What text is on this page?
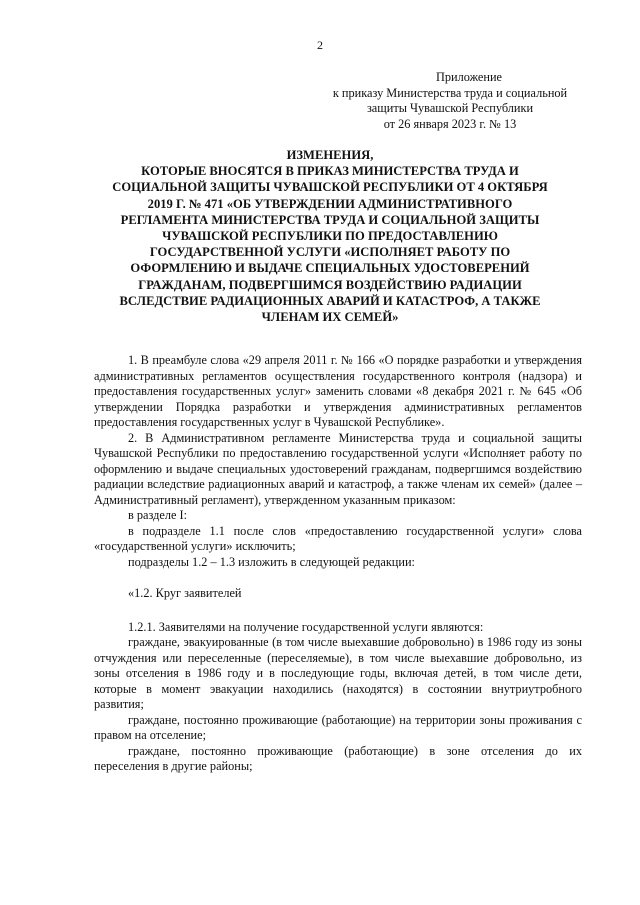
2
Приложение
к приказу Министерства труда и социальной
защиты Чувашской Республики
от 26 января 2023 г. № 13
ИЗМЕНЕНИЯ,
КОТОРЫЕ ВНОСЯТСЯ В ПРИКАЗ МИНИСТЕРСТВА ТРУДА И
СОЦИАЛЬНОЙ ЗАЩИТЫ ЧУВАШСКОЙ РЕСПУБЛИКИ ОТ 4 ОКТЯБРЯ
2019 Г. № 471 «ОБ УТВЕРЖДЕНИИ АДМИНИСТРАТИВНОГО
РЕГЛАМЕНТА МИНИСТЕРСТВА ТРУДА И СОЦИАЛЬНОЙ ЗАЩИТЫ
ЧУВАШСКОЙ РЕСПУБЛИКИ ПО ПРЕДОСТАВЛЕНИЮ
ГОСУДАРСТВЕННОЙ УСЛУГИ «ИСПОЛНЯЕТ РАБОТУ ПО
ОФОРМЛЕНИЮ И ВЫДАЧЕ СПЕЦИАЛЬНЫХ УДОСТОВЕРЕНИЙ
ГРАЖДАНАМ, ПОДВЕРГШИМСЯ ВОЗДЕЙСТВИЮ РАДИАЦИИ
ВСЛЕДСТВИЕ РАДИАЦИОННЫХ АВАРИЙ И КАТАСТРОФ, А ТАКЖЕ
ЧЛЕНАМ ИХ СЕМЕЙ»

1. В преамбуле слова «29 апреля 2011 г. № 166 «О порядке разработки и утверждения административных регламентов осуществления государственного контроля (надзора) и предоставления государственных услуг» заменить словами «8 декабря 2021 г. № 645 «Об утверждении Порядка разработки и утверждения административных регламентов предоставления государственных услуг в Чувашской Республике».

2. В Административном регламенте Министерства труда и социальной защиты Чувашской Республики по предоставлению государственной услуги «Исполняет работу по оформлению и выдаче специальных удостоверений гражданам, подвергшимся воздействию радиации вследствие радиационных аварий и катастроф, а также членам их семей» (далее – Административный регламент), утвержденном указанным приказом:

в разделе I:

в подразделе 1.1 после слов «предоставлению государственной услуги» слова «государственной услуги» исключить;

подразделы 1.2 – 1.3 изложить в следующей редакции:

«1.2. Круг заявителей

1.2.1. Заявителями на получение государственной услуги являются:

граждане, эвакуированные (в том числе выехавшие добровольно) в 1986 году из зоны отчуждения или переселенные (переселяемые), в том числе выехавшие добровольно, из зоны отселения в 1986 году и в последующие годы, включая детей, в том числе дети, которые в момент эвакуации находились (находятся) в состоянии внутриутробного развития;

граждане, постоянно проживающие (работающие) на территории зоны проживания с правом на отселение;

граждане, постоянно проживающие (работающие) в зоне отселения до их переселения в другие районы;
